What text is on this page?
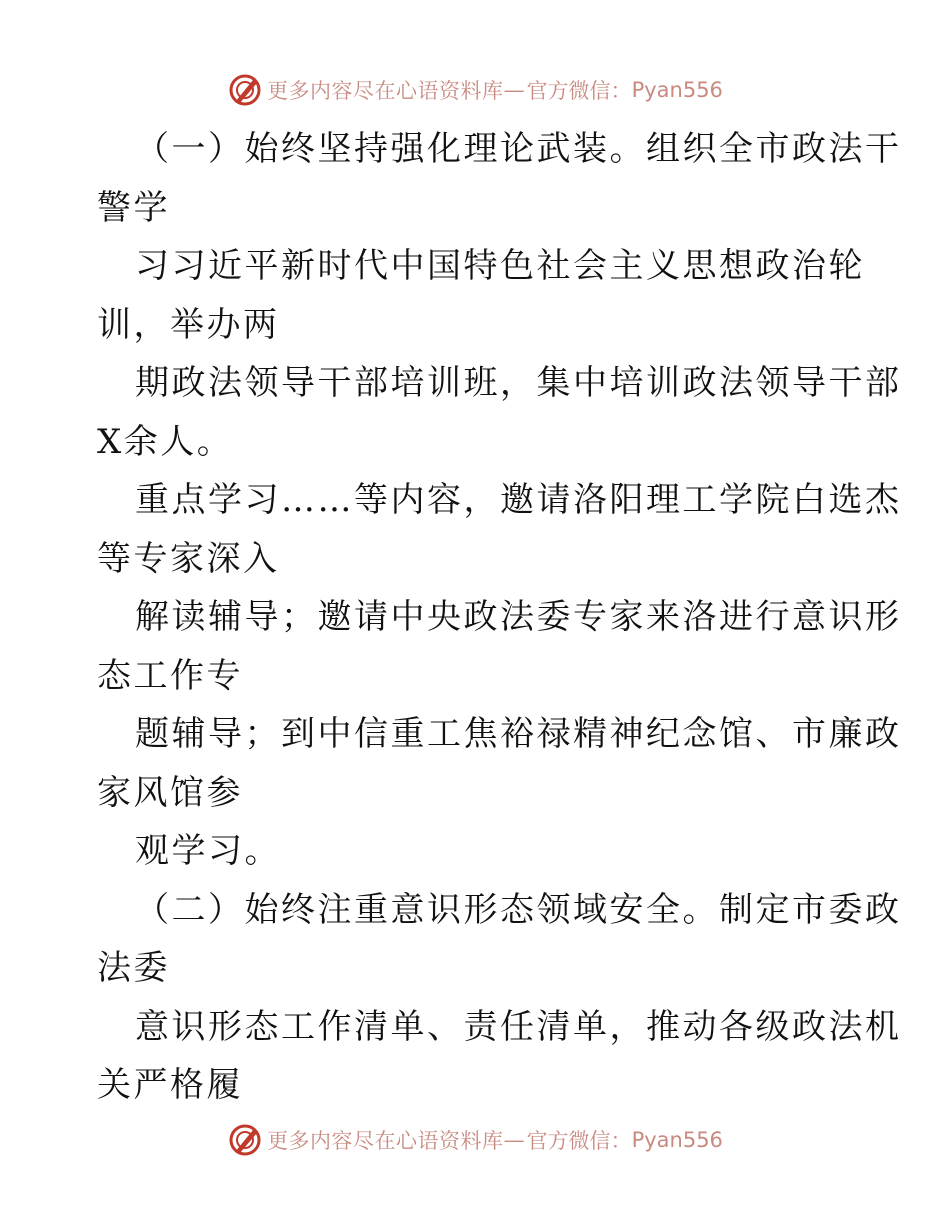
更多内容尽在心语资料库 — 官方微信： Pyan556
（一）始终坚持强化理论武装。组织全市政法干
警学
习习近平新时代中国特色社会主义思想政治轮
训，举办两
期政法领导干部培训班，集中培训政法领导干部
X余人。
重点学习……等内容，邀请洛阳理工学院白选杰
等专家深入
解读辅导；邀请中央政法委专家来洛进行意识形
态工作专
题辅导；到中信重工焦裕禄精神纪念馆、市廉政
家风馆参
观学习。
（二）始终注重意识形态领域安全。制定市委政
法委
意识形态工作清单、责任清单，推动各级政法机
关严格履
更多内容尽在心语资料库 — 官方微信： Pyan556
